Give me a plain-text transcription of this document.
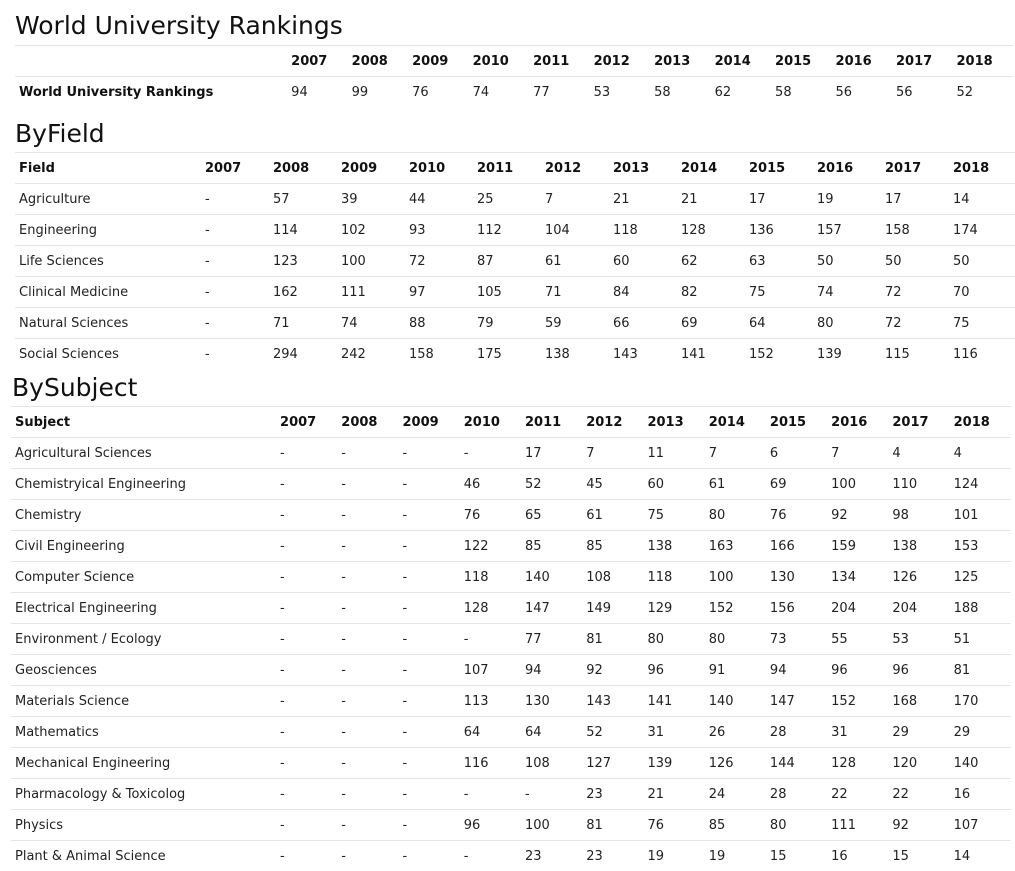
World University Rankings
	2007	2008	2009	2010	2011	2012	2013	2014	2015	2016	2017	2018
World University Rankings	94	99	76	74	77	53	58	62	58	56	56	52
ByField
Field	2007	2008	2009	2010	2011	2012	2013	2014	2015	2016	2017	2018
Agriculture	-	57	39	44	25	7	21	21	17	19	17	14
Engineering	-	114	102	93	112	104	118	128	136	157	158	174
Life Sciences	-	123	100	72	87	61	60	62	63	50	50	50
Clinical Medicine	-	162	111	97	105	71	84	82	75	74	72	70
Natural Sciences	-	71	74	88	79	59	66	69	64	80	72	75
Social Sciences	-	294	242	158	175	138	143	141	152	139	115	116
BySubject
Subject	2007	2008	2009	2010	2011	2012	2013	2014	2015	2016	2017	2018
Agricultural Sciences	-	-	-	-	17	7	11	7	6	7	4	4
Chemistryical Engineering	-	-	-	46	52	45	60	61	69	100	110	124
Chemistry	-	-	-	76	65	61	75	80	76	92	98	101
Civil Engineering	-	-	-	122	85	85	138	163	166	159	138	153
Computer Science	-	-	-	118	140	108	118	100	130	134	126	125
Electrical Engineering	-	-	-	128	147	149	129	152	156	204	204	188
Environment / Ecology	-	-	-	-	77	81	80	80	73	55	53	51
Geosciences	-	-	-	107	94	92	96	91	94	96	96	81
Materials Science	-	-	-	113	130	143	141	140	147	152	168	170
Mathematics	-	-	-	64	64	52	31	26	28	31	29	29
Mechanical Engineering	-	-	-	116	108	127	139	126	144	128	120	140
Pharmacology & Toxicolog	-	-	-	-	-	23	21	24	28	22	22	16
Physics	-	-	-	96	100	81	76	85	80	111	92	107
Plant & Animal Science	-	-	-	-	23	23	19	19	15	16	15	14
